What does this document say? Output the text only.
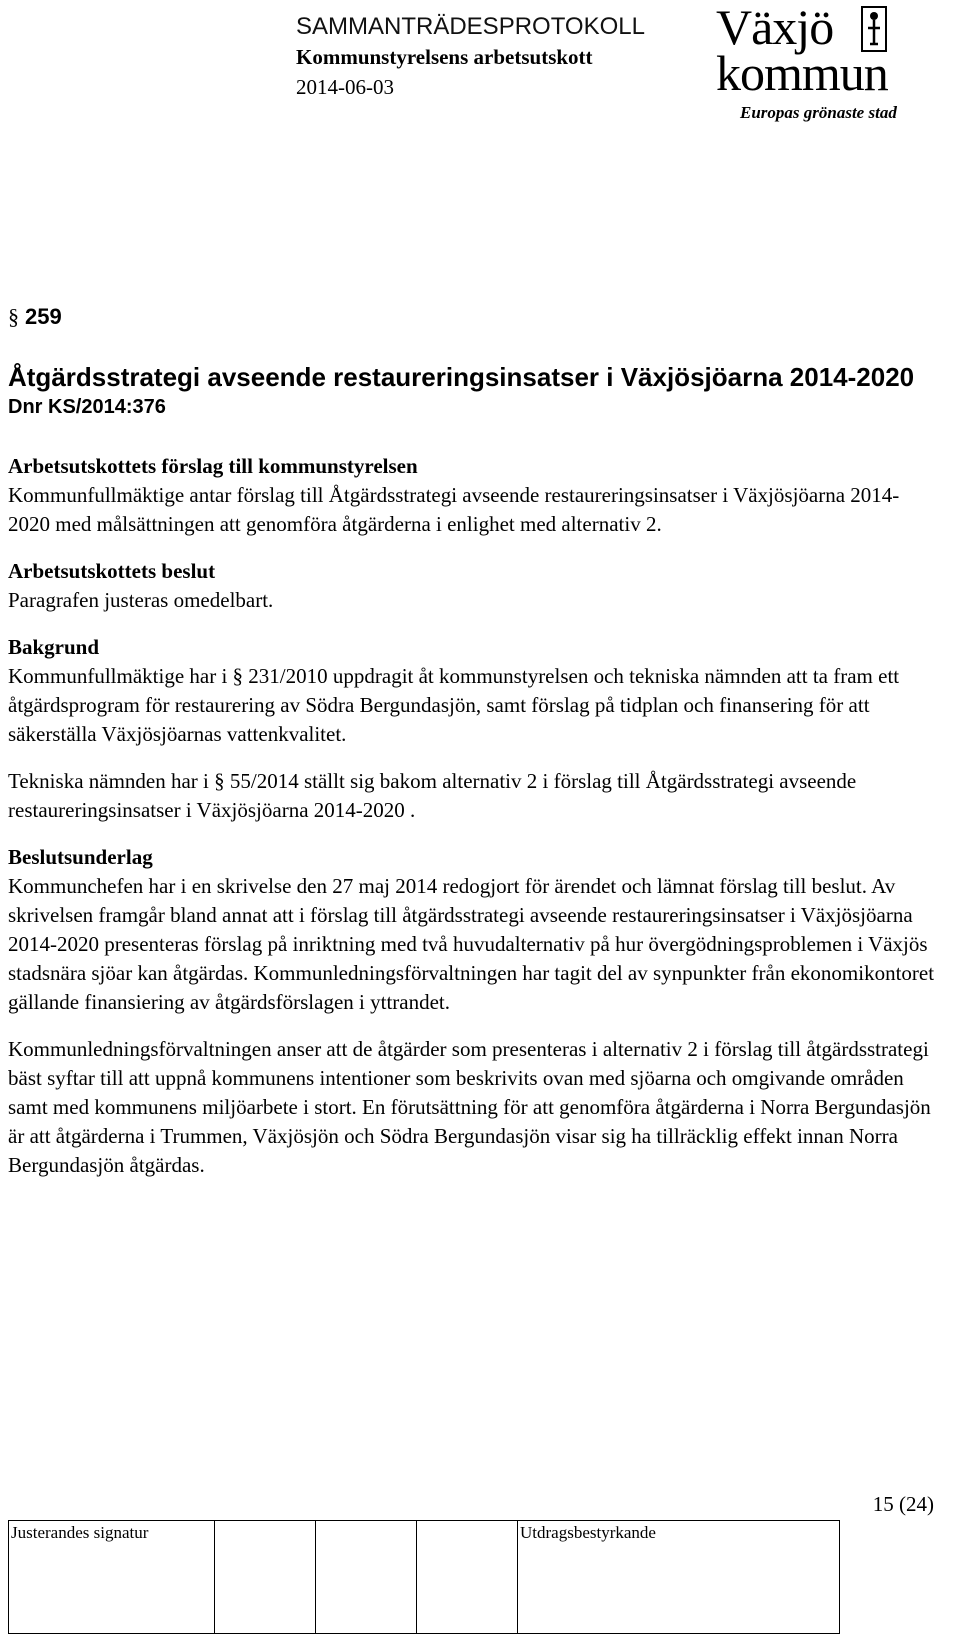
SAMMANTRÄDESPROTOKOLL
Kommunstyrelsens arbetsutskott
2014-06-03
Växjö
kommun
Europas grönaste stad

§ 259

Åtgärdsstrategi avseende restaureringsinsatser i Växjösjöarna 2014-2020

Dnr KS/2014:376

Arbetsutskottets förslag till kommunstyrelsen

Kommunfullmäktige antar förslag till Åtgärdsstrategi avseende restaureringsinsatser i Växjösjöarna 2014-2020 med målsättningen att genomföra åtgärderna i enlighet med alternativ 2.

Arbetsutskottets beslut

Paragrafen justeras omedelbart.

Bakgrund

Kommunfullmäktige har i § 231/2010 uppdragit åt kommunstyrelsen och tekniska nämnden att ta fram ett åtgärdsprogram för restaurering av Södra Bergundasjön, samt förslag på tidplan och finansering för att säkerställa Växjösjöarnas vattenkvalitet.

Tekniska nämnden har i § 55/2014 ställt sig bakom alternativ 2 i förslag till Åtgärdsstrategi avseende restaureringsinsatser i Växjösjöarna 2014-2020 .

Beslutsunderlag

Kommunchefen har i en skrivelse den 27 maj 2014 redogjort för ärendet och lämnat förslag till beslut. Av skrivelsen framgår bland annat att i förslag till åtgärdsstrategi avseende restaureringsinsatser i Växjösjöarna 2014-2020 presenteras förslag på inriktning med två huvudalternativ på hur övergödningsproblemen i Växjös stadsnära sjöar kan åtgärdas. Kommunledningsförvaltningen har tagit del av synpunkter från ekonomikontoret gällande finansiering av åtgärdsförslagen i yttrandet.

Kommunledningsförvaltningen anser att de åtgärder som presenteras i alternativ 2 i förslag till åtgärdsstrategi bäst syftar till att uppnå kommunens intentioner som beskrivits ovan med sjöarna och omgivande områden samt med kommunens miljöarbete i stort. En förutsättning för att genomföra åtgärderna i Norra Bergundasjön är att åtgärderna i Trummen, Växjösjön och Södra Bergundasjön visar sig ha tillräcklig effekt innan Norra Bergundasjön åtgärdas.

15 (24)
Justerandes signatur	Utdragsbestyrkande
